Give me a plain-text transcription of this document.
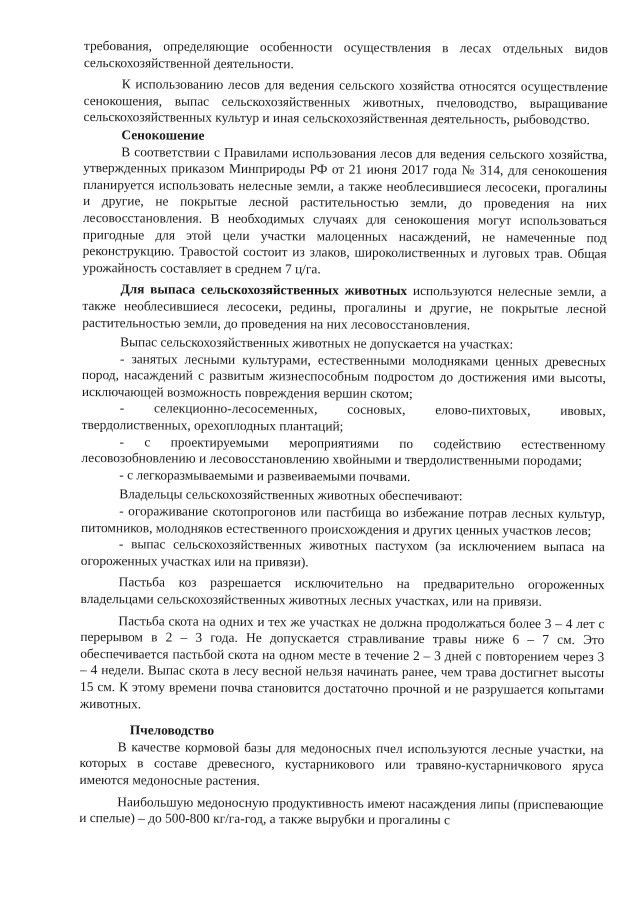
требования, определяющие особенности осуществления в лесах отдельных видов сельскохозяйственной деятельности.

К использованию лесов для ведения сельского хозяйства относятся осуществление сенокошения, выпас сельскохозяйственных животных, пчеловодство, выращивание сельскохозяйственных культур и иная сельскохозяйственная деятельность, рыбоводство.

Сенокошение

В соответствии с Правилами использования лесов для ведения сельского хозяйства, утвержденных приказом Минприроды РФ от 21 июня 2017 года № 314, для сенокошения планируется использовать нелесные земли, а также необлесившиеся лесосеки, прогалины и другие, не покрытые лесной растительностью земли, до проведения на них лесовосстановления. В необходимых случаях для сенокошения могут использоваться пригодные для этой цели участки малоценных насаждений, не намеченные под реконструкцию. Травостой состоит из злаков, широколиственных и луговых трав. Общая урожайность составляет в среднем 7 ц/га.

Для выпаса сельскохозяйственных животных используются нелесные земли, а также необлесившиеся лесосеки, редины, прогалины и другие, не покрытые лесной растительностью земли, до проведения на них лесовосстановления.

Выпас сельскохозяйственных животных не допускается на участках:

- занятых лесными культурами, естественными молодняками ценных древесных пород, насаждений с развитым жизнеспособным подростом до достижения ими высоты, исключающей возможность повреждения вершин скотом;

- селекционно-лесосеменных, сосновых, елово-пихтовых, ивовых, твердолиственных, орехоплодных плантаций;

- с проектируемыми мероприятиями по содействию естественному лесовозобновлению и лесовосстановлению хвойными и твердолиственными породами;

- с легкоразмываемыми и развеиваемыми почвами.

Владельцы сельскохозяйственных животных обеспечивают:

- огораживание скотопрогонов или пастбища во избежание потрав лесных культур, питомников, молодняков естественного происхождения и других ценных участков лесов;

- выпас сельскохозяйственных животных пастухом (за исключением выпаса на огороженных участках или на привязи).

Пастьба коз разрешается исключительно на предварительно огороженных владельцами сельскохозяйственных животных лесных участках, или на привязи.

Пастьба скота на одних и тех же участках не должна продолжаться более 3 – 4 лет с перерывом в 2 – 3 года. Не допускается стравливание травы ниже 6 – 7 см. Это обеспечивается пастьбой скота на одном месте в течение 2 – 3 дней с повторением через 3 – 4 недели. Выпас скота в лесу весной нельзя начинать ранее, чем трава достигнет высоты 15 см. К этому времени почва становится достаточно прочной и не разрушается копытами животных.

Пчеловодство

В качестве кормовой базы для медоносных пчел используются лесные участки, на которых в составе древесного, кустарникового или травяно-кустарничкового яруса имеются медоносные растения.

Наибольшую медоносную продуктивность имеют насаждения липы (приспевающие и спелые) – до 500-800 кг/га-год, а также вырубки и прогалины с
